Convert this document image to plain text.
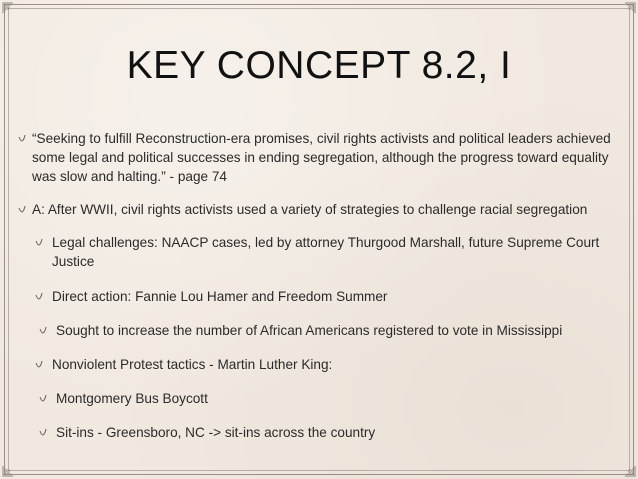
KEY CONCEPT 8.2, I
“Seeking to fulfill Reconstruction-era promises, civil rights activists and political leaders achieved some legal and political successes in ending segregation, although the progress toward equality was slow and halting.” - page 74
A: After WWII, civil rights activists used a variety of strategies to challenge racial segregation
Legal challenges: NAACP cases, led by attorney Thurgood Marshall, future Supreme Court Justice
Direct action: Fannie Lou Hamer and Freedom Summer
Sought to increase the number of African Americans registered to vote in Mississippi
Nonviolent Protest tactics - Martin Luther King:
Montgomery Bus Boycott
Sit-ins - Greensboro, NC -> sit-ins across the country
